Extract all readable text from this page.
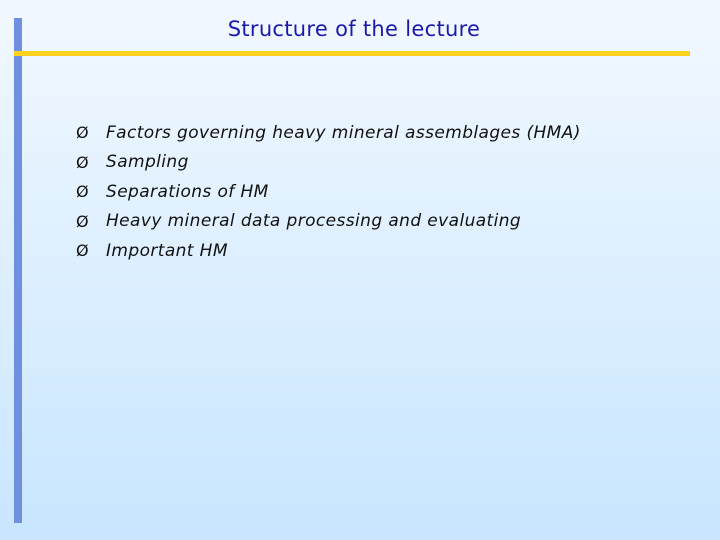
Structure of the lecture
Ø	Factors governing heavy mineral assemblages (HMA)
Ø	Sampling
Ø	Separations of HM
Ø	Heavy mineral data processing and evaluating
Ø	Important HM
